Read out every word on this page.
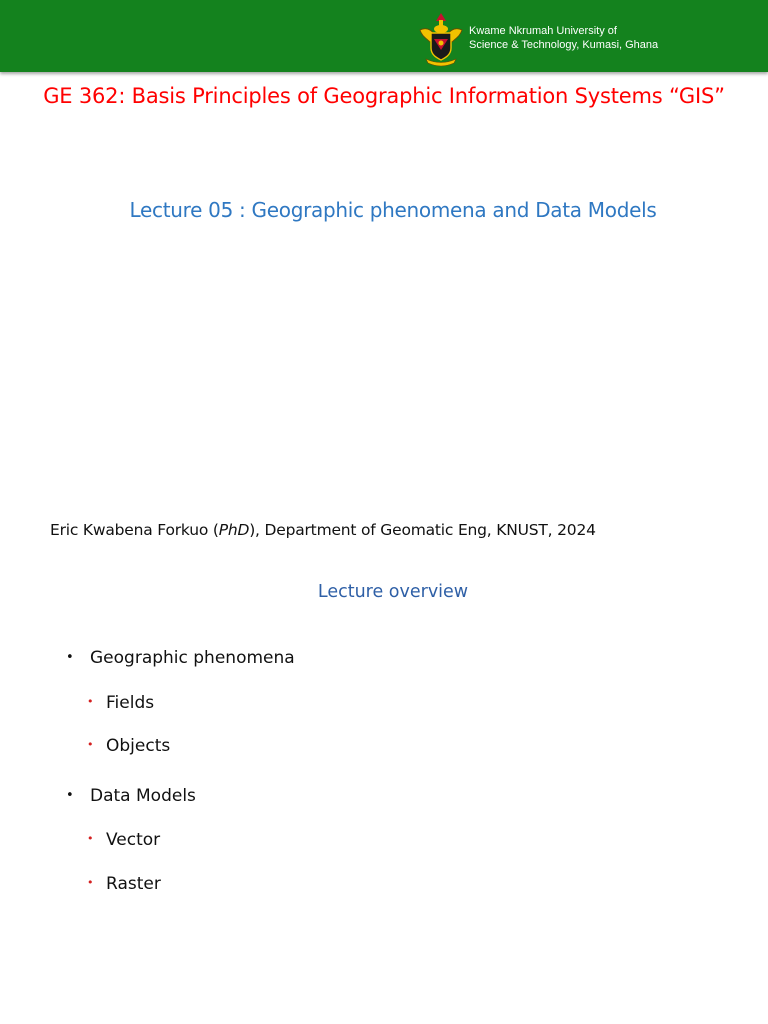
Kwame Nkrumah University of
Science & Technology, Kumasi, Ghana
GE 362: Basis Principles of Geographic Information Systems “GIS”
Lecture 05 : Geographic phenomena and Data Models
Eric Kwabena Forkuo (PhD), Department of Geomatic Eng, KNUST, 2024
Lecture overview
• Geographic phenomena
• Fields
• Objects
• Data Models
• Vector
• Raster
